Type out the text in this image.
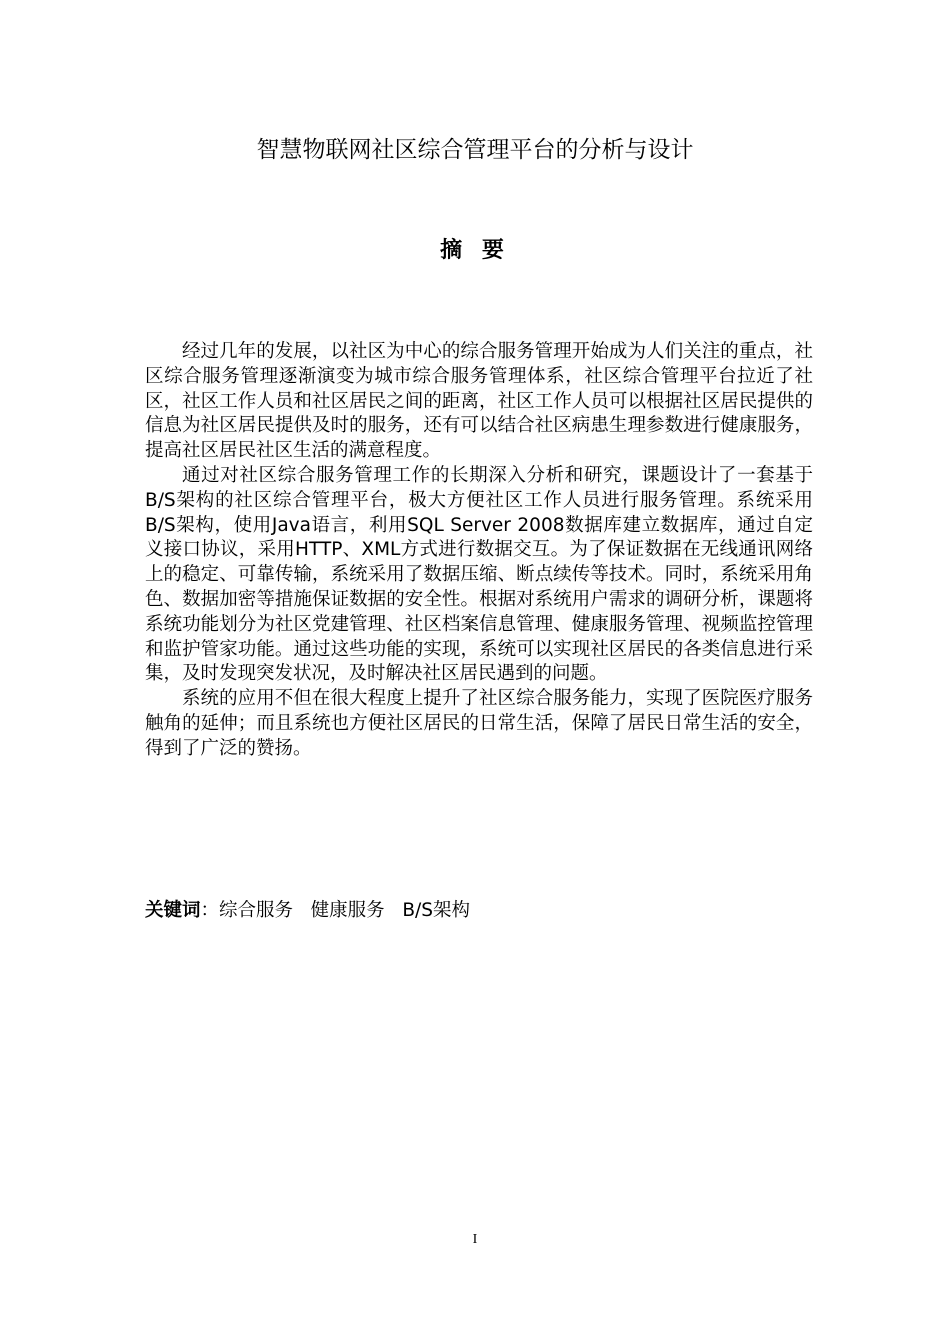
智慧物联网社区综合管理平台的分析与设计
摘 要

经过几年的发展，以社区为中心的综合服务管理开始成为人们关注的重点，社区综合服务管理逐渐演变为城市综合服务管理体系，社区综合管理平台拉近了社区，社区工作人员和社区居民之间的距离，社区工作人员可以根据社区居民提供的信息为社区居民提供及时的服务，还有可以结合社区病患生理参数进行健康服务，提高社区居民社区生活的满意程度。

通过对社区综合服务管理工作的长期深入分析和研究，课题设计了一套基于B/S架构的社区综合管理平台，极大方便社区工作人员进行服务管理。系统采用B/S架构，使用Java语言，利用SQL Server 2008数据库建立数据库，通过自定义接口协议，采用HTTP、XML方式进行数据交互。为了保证数据在无线通讯网络上的稳定、可靠传输，系统采用了数据压缩、断点续传等技术。同时，系统采用角色、数据加密等措施保证数据的安全性。根据对系统用户需求的调研分析，课题将系统功能划分为社区党建管理、社区档案信息管理、健康服务管理、视频监控管理和监护管家功能。通过这些功能的实现，系统可以实现社区居民的各类信息进行采集，及时发现突发状况，及时解决社区居民遇到的问题。

系统的应用不但在很大程度上提升了社区综合服务能力，实现了医院医疗服务触角的延伸；而且系统也方便社区居民的日常生活，保障了居民日常生活的安全，得到了广泛的赞扬。

关键词：综合服务   健康服务   B/S架构
I
